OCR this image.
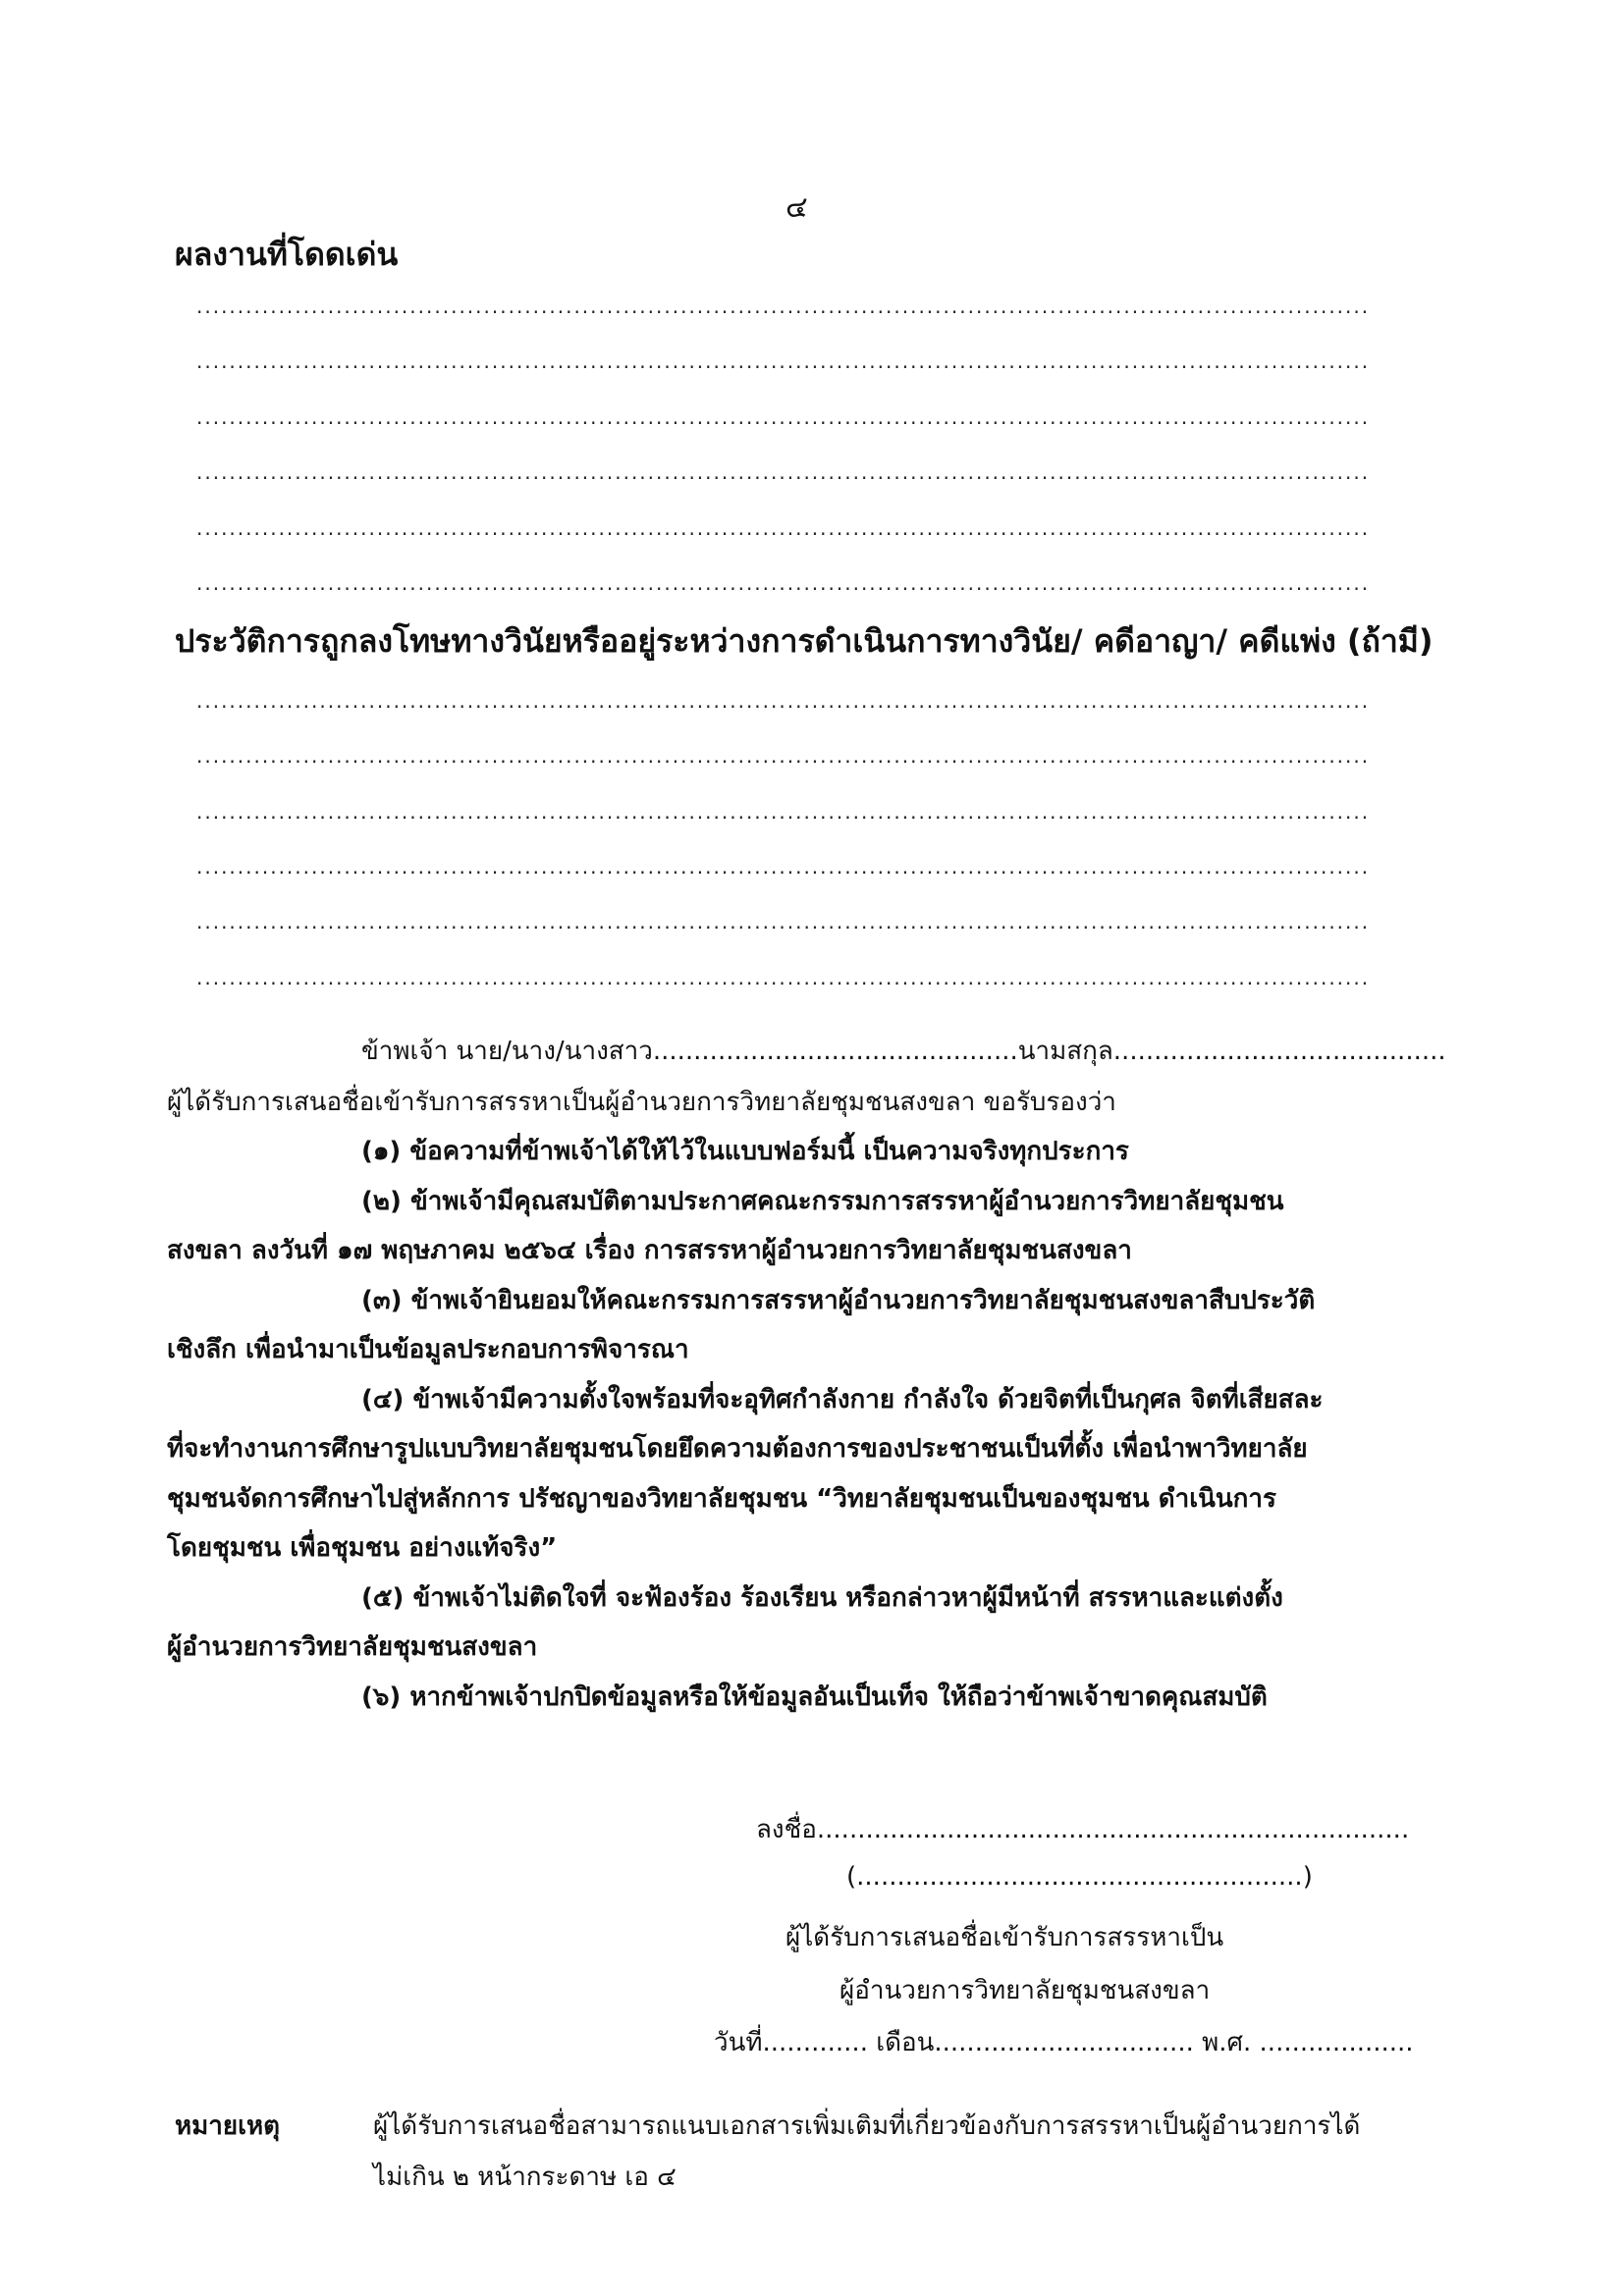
๔
ผลงานที่โดดเด่น
...............................................................................................................................................
...............................................................................................................................................
...............................................................................................................................................
...............................................................................................................................................
...............................................................................................................................................
...............................................................................................................................................
ประวัติการถูกลงโทษทางวินัยหรืออยู่ระหว่างการดำเนินการทางวินัย/ คดีอาญา/ คดีแพ่ง (ถ้ามี)
...............................................................................................................................................
...............................................................................................................................................
...............................................................................................................................................
...............................................................................................................................................
...............................................................................................................................................
...............................................................................................................................................
ข้าพเจ้า นาย/นาง/นางสาว.............................................นามสกุล.........................................
ผู้ได้รับการเสนอชื่อเข้ารับการสรรหาเป็นผู้อำนวยการวิทยาลัยชุมชนสงขลา ขอรับรองว่า
(๑) ข้อความที่ข้าพเจ้าได้ให้ไว้ในแบบฟอร์มนี้ เป็นความจริงทุกประการ
(๒) ข้าพเจ้ามีคุณสมบัติตามประกาศคณะกรรมการสรรหาผู้อำนวยการวิทยาลัยชุมชน
สงขลา ลงวันที่ ๑๗ พฤษภาคม ๒๕๖๔ เรื่อง การสรรหาผู้อำนวยการวิทยาลัยชุมชนสงขลา
(๓) ข้าพเจ้ายินยอมให้คณะกรรมการสรรหาผู้อำนวยการวิทยาลัยชุมชนสงขลาสืบประวัติ
เชิงลึก เพื่อนำมาเป็นข้อมูลประกอบการพิจารณา
(๔) ข้าพเจ้ามีความตั้งใจพร้อมที่จะอุทิศกำลังกาย กำลังใจ ด้วยจิตที่เป็นกุศล จิตที่เสียสละ
ที่จะทำงานการศึกษารูปแบบวิทยาลัยชุมชนโดยยึดความต้องการของประชาชนเป็นที่ตั้ง เพื่อนำพาวิทยาลัย
ชุมชนจัดการศึกษาไปสู่หลักการ ปรัชญาของวิทยาลัยชุมชน “วิทยาลัยชุมชนเป็นของชุมชน ดำเนินการ
โดยชุมชน เพื่อชุมชน อย่างแท้จริง”
(๕) ข้าพเจ้าไม่ติดใจที่ จะฟ้องร้อง ร้องเรียน หรือกล่าวหาผู้มีหน้าที่ สรรหาและแต่งตั้ง
ผู้อำนวยการวิทยาลัยชุมชนสงขลา
(๖) หากข้าพเจ้าปกปิดข้อมูลหรือให้ข้อมูลอันเป็นเท็จ ให้ถือว่าข้าพเจ้าขาดคุณสมบัติ
ลงชื่อ.........................................................................
(.......................................................)
ผู้ได้รับการเสนอชื่อเข้ารับการสรรหาเป็น
ผู้อำนวยการวิทยาลัยชุมชนสงขลา
วันที่............. เดือน................................ พ.ศ. ...................
หมายเหตุ	ผู้ได้รับการเสนอชื่อสามารถแนบเอกสารเพิ่มเติมที่เกี่ยวข้องกับการสรรหาเป็นผู้อำนวยการได้
ไม่เกิน ๒ หน้ากระดาษ เอ ๔
